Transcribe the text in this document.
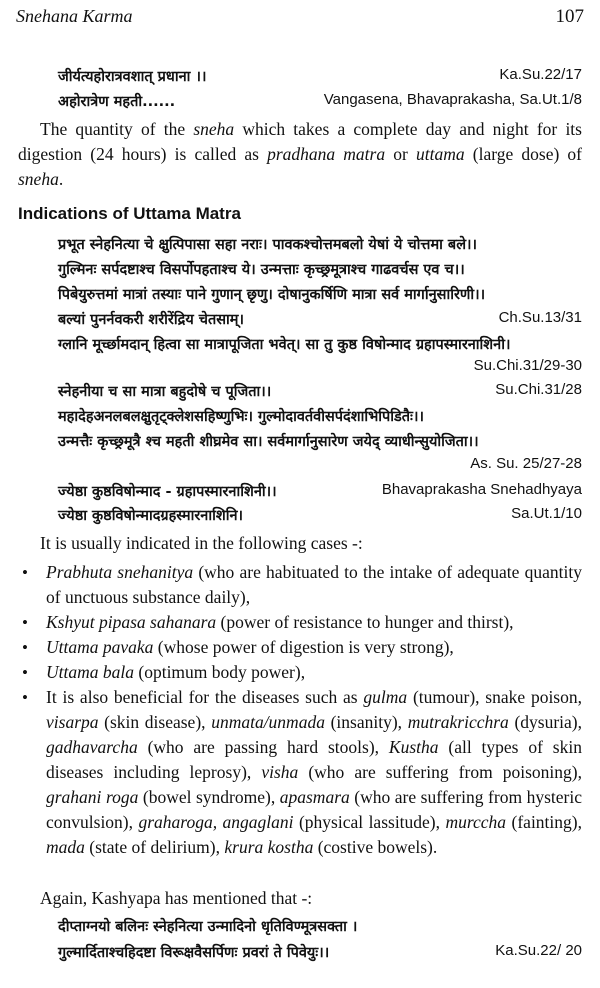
Snehana Karma	107
जीर्यत्यहोरात्रवशात् प्रधाना ।।	Ka.Su.22/17
अहोरात्रेण महती......	Vangasena, Bhavaprakasha, Sa.Ut.1/8
The quantity of the sneha which takes a complete day and night for its digestion (24 hours) is called as pradhana matra or uttama (large dose) of sneha.
Indications of Uttama Matra
प्रभूत स्नेहनित्या चे क्षुत्पिपासा सहा नराः। पावकश्चोत्तमबलो येषां ये चोत्तमा बले।।
गुल्मिनः सर्पदष्टाश्च विसर्पोपहताश्च ये। उन्मत्ताः कृच्छ्रमूत्राश्च गाढवर्चस एव च।।
पिबेयुरुत्तमां मात्रां तस्याः पाने गुणान् छृणु। दोषानुकर्षिणि मात्रा सर्व मार्गानुसारिणी।।
बल्यां पुनर्नवकरी शरीरेंद्रिय चेतसाम्।	Ch.Su.13/31
ग्लानि मूर्च्छामदान् हित्वा सा मात्रापूजिता भवेत्। सा तु कुष्ठ विषोन्माद ग्रहापस्मारनाशिनी।
Su.Chi.31/29-30
स्नेहनीया च सा मात्रा बहुदोषे च पूजिता।।	Su.Chi.31/28
महादेहअनलबलक्षुतृट्क्लेशसहिष्णुभिः। गुल्मोदावर्तवीसर्पदंशाभिपिडितैः।।
उन्मत्तैः कृच्छ्रमूत्रै श्च महती शीघ्रमेव सा। सर्वमार्गानुसारेण जयेद् व्याधीन्सुयोजिता।।
As. Su. 25/27-28
ज्येष्ठा कुष्ठविषोन्माद - ग्रहापस्मारनाशिनी।।	Bhavaprakasha Snehadhyaya
ज्येष्ठा कुष्ठविषोन्मादग्रहस्मारनाशिनि।	Sa.Ut.1/10
It is usually indicated in the following cases -:
• Prabhuta snehanitya (who are habituated to the intake of adequate quantity of unctuous substance daily),
• Kshyut pipasa sahanara (power of resistance to hunger and thirst),
• Uttama pavaka (whose power of digestion is very strong),
• Uttama bala (optimum body power),
• It is also beneficial for the diseases such as gulma (tumour), snake poison, visarpa (skin disease), unmata/unmada (insanity), mutrakricchra (dysuria), gadhavarcha (who are passing hard stools), Kustha (all types of skin diseases including leprosy), visha (who are suffering from poisoning), grahani roga (bowel syndrome), apasmara (who are suffering from hysteric convulsion), graharoga, angaglani (physical lassitude), murccha (fainting), mada (state of delirium), krura kostha (costive bowels).
Again, Kashyapa has mentioned that -:
दीप्ताग्नयो बलिनः स्नेहनित्या उन्मादिनो धृतिविण्मूत्रसक्ता ।
गुल्मार्दिताश्चहिदष्टा विरूक्षवैसर्पिणः प्रवरां ते पिवेयुः।।	Ka.Su.22/ 20
